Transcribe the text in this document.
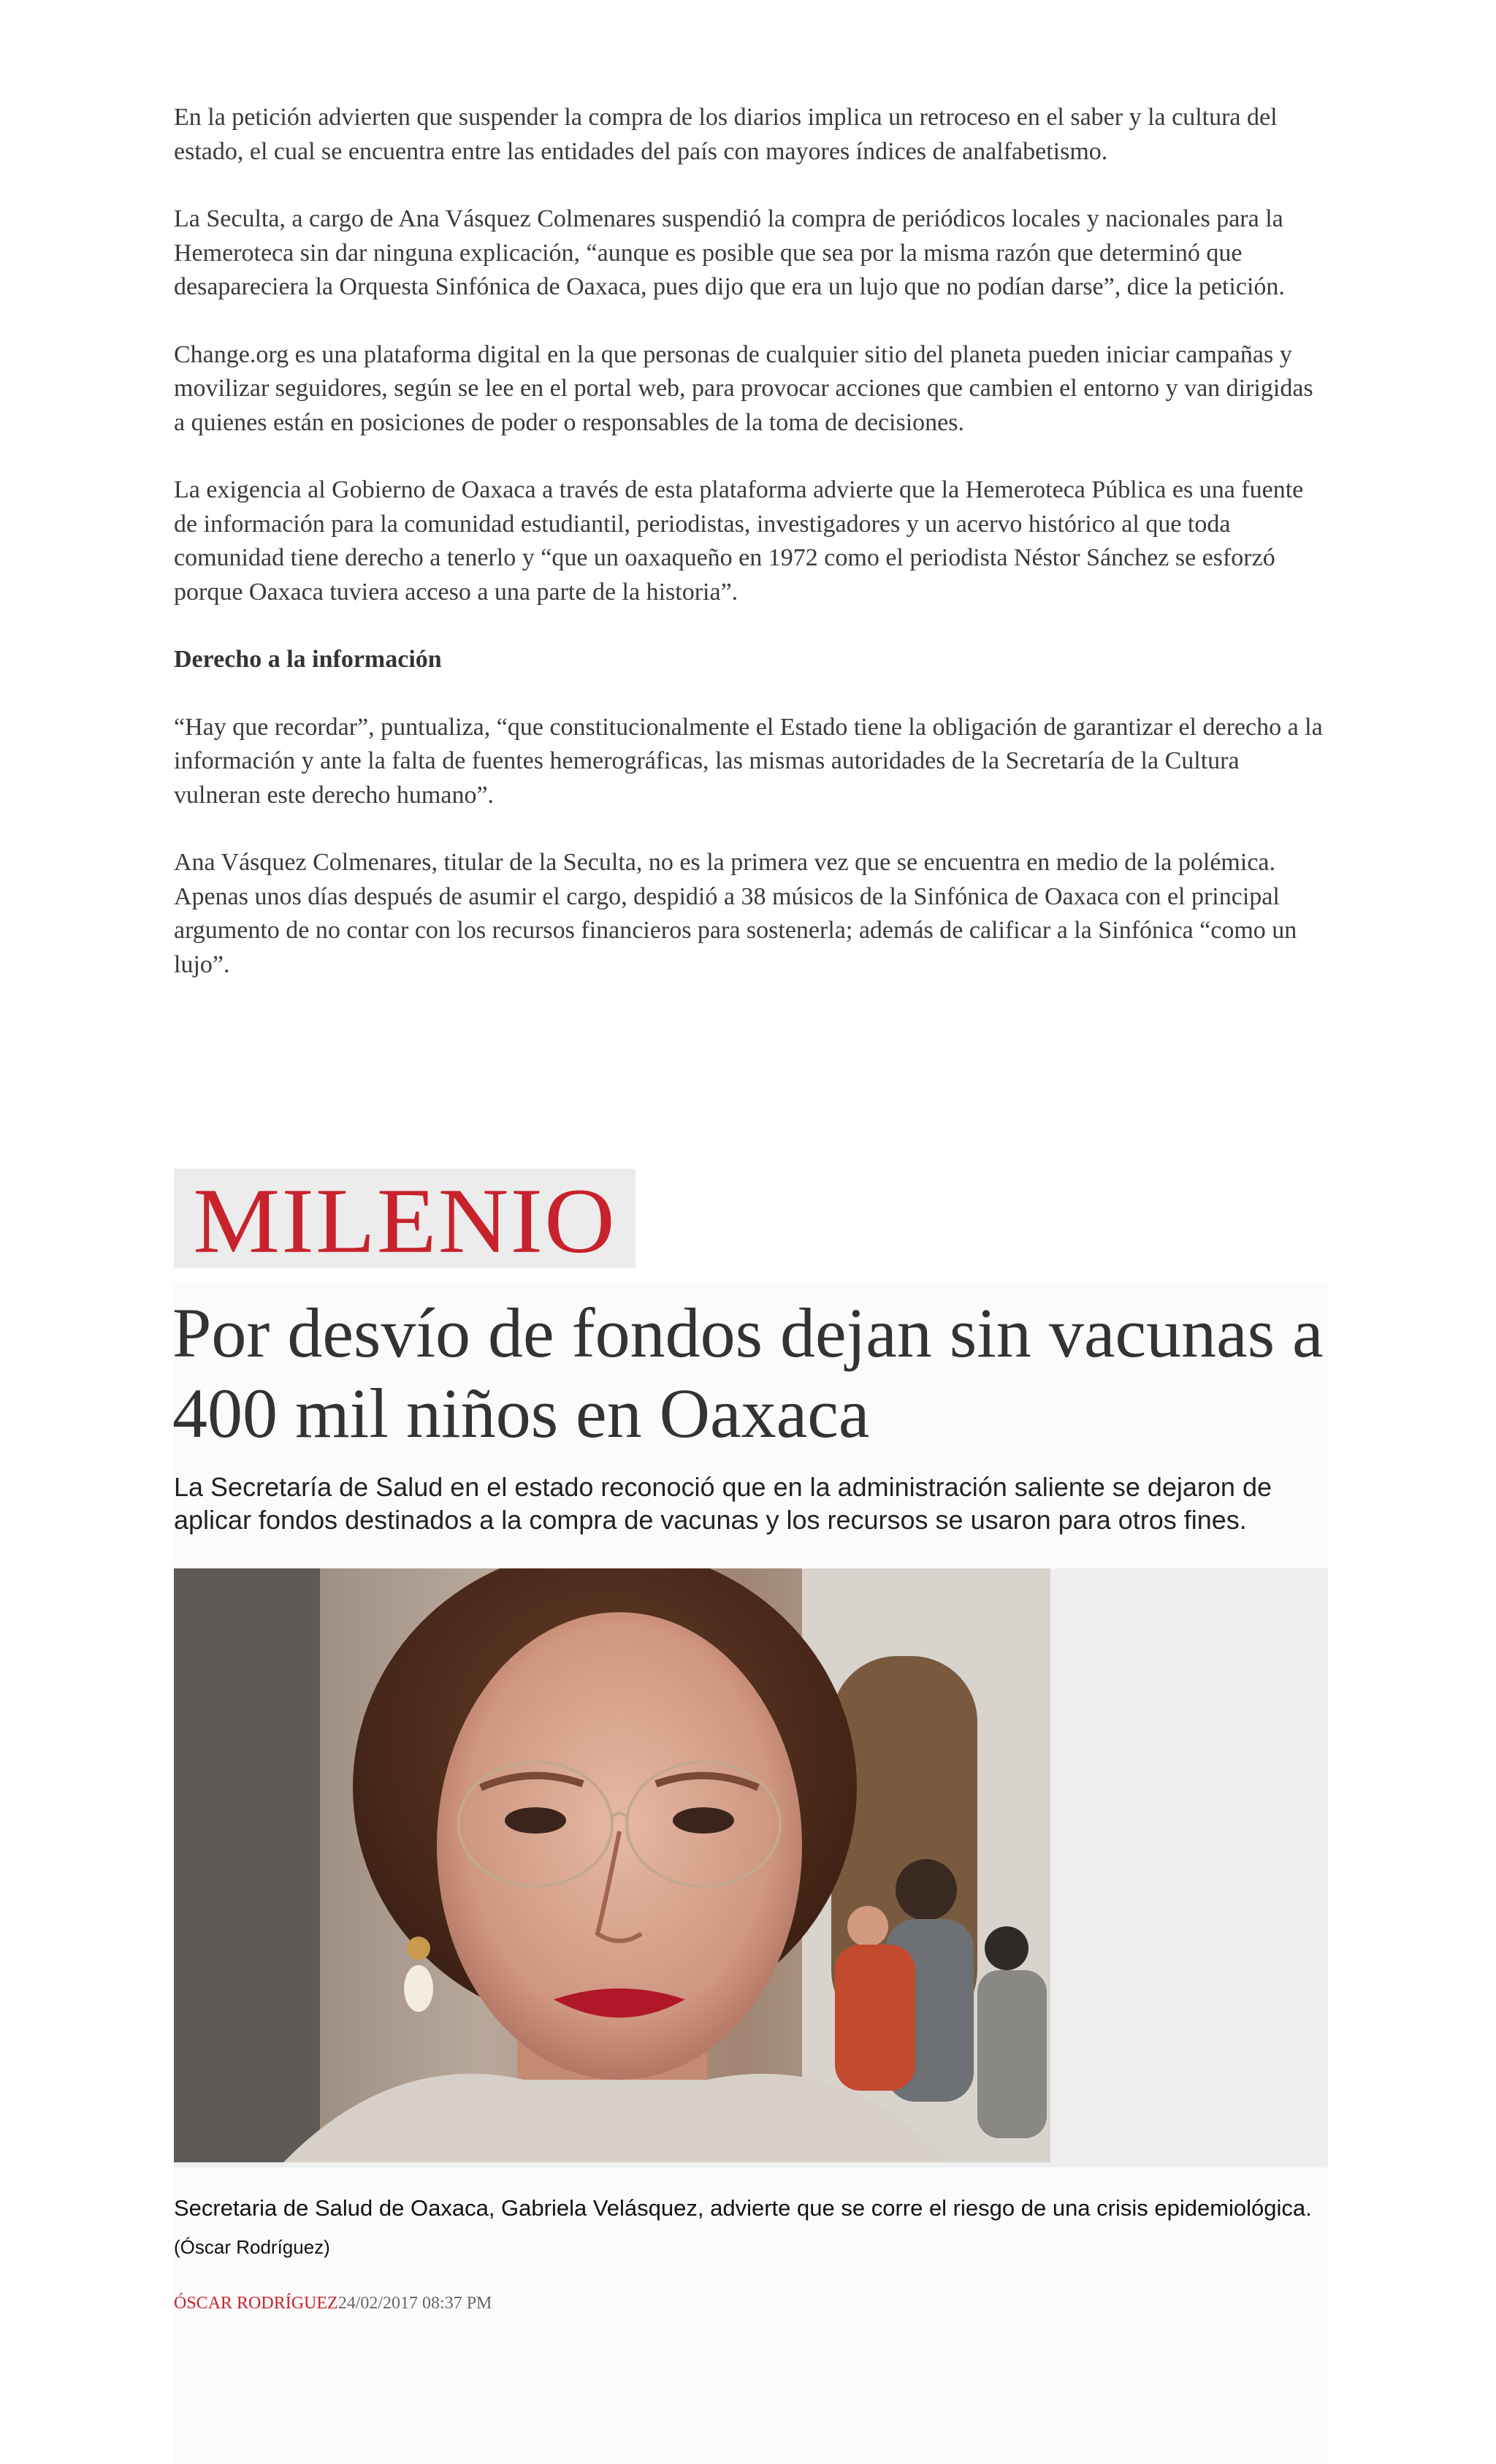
En la petición advierten que suspender la compra de los diarios implica un retroceso en el saber y la cultura del estado, el cual se encuentra entre las entidades del país con mayores índices de analfabetismo.

La Seculta, a cargo de Ana Vásquez Colmenares suspendió la compra de periódicos locales y nacionales para la Hemeroteca sin dar ninguna explicación, “aunque es posible que sea por la misma razón que determinó que desapareciera la Orquesta Sinfónica de Oaxaca, pues dijo que era un lujo que no podían darse”, dice la petición.

Change.org es una plataforma digital en la que personas de cualquier sitio del planeta pueden iniciar campañas y movilizar seguidores, según se lee en el portal web, para provocar acciones que cambien el entorno y van dirigidas a quienes están en posiciones de poder o responsables de la toma de decisiones.

La exigencia al Gobierno de Oaxaca a través de esta plataforma advierte que la Hemeroteca Pública es una fuente de información para la comunidad estudiantil, periodistas, investigadores y un acervo histórico al que toda comunidad tiene derecho a tenerlo y “que un oaxaqueño en 1972 como el periodista Néstor Sánchez se esforzó porque Oaxaca tuviera acceso a una parte de la historia”.

Derecho a la información

“Hay que recordar”, puntualiza, “que constitucionalmente el Estado tiene la obligación de garantizar el derecho a la información y ante la falta de fuentes hemerográficas, las mismas autoridades de la Secretaría de la Cultura vulneran este derecho humano”.

Ana Vásquez Colmenares, titular de la Seculta, no es la primera vez que se encuentra en medio de la polémica. Apenas unos días después de asumir el cargo, despidió a 38 músicos de la Sinfónica de Oaxaca con el principal argumento de no contar con los recursos financieros para sostenerla; además de calificar a la Sinfónica “como un lujo”.

MILENIO
Por desvío de fondos dejan sin vacunas a 400 mil niños en Oaxaca

La Secretaría de Salud en el estado reconoció que en la administración saliente se dejaron de aplicar fondos destinados a la compra de vacunas y los recursos se usaron para otros fines.

Secretaria de Salud de Oaxaca, Gabriela Velásquez, advierte que se corre el riesgo de una crisis epidemiológica. (Óscar Rodríguez)

ÓSCAR RODRÍGUEZ24/02/2017 08:37 PM
